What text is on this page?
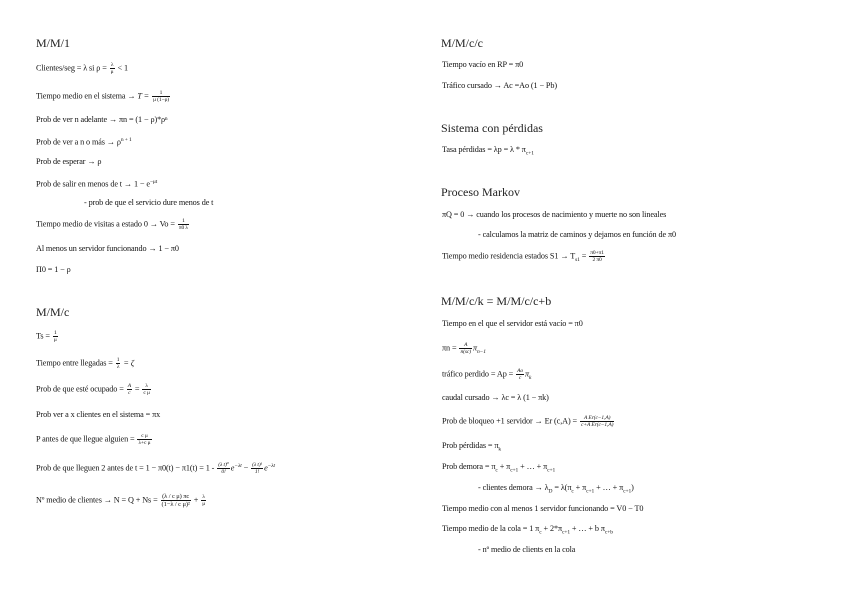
M/M/1
Clientes/seg = λ si $\rho = \frac{\lambda}{\mu} < 1$
Tiempo medio en el sistema → $T = \frac{1}{\mu (1-\rho)}$
Prob de ver n adelante → πn = (1 − ρ)*ρⁿ
Prob de ver a n o más → $\rho^{n + 1}$
Prob de esperar → ρ
Prob de salir en menos de $t \to 1 - e^{-\mu t}$
- prob de que el servicio dure menos de t
Tiempo medio de visitas a estado $0 \to Vo = \frac{1}{\pi 0 \lambda}$
Al menos un servidor funcionando → 1 − π0
Π0 = 1 − ρ
M/M/c
$Ts = \frac{1}{\mu}$
Tiempo entre llegadas = $\frac{1}{\lambda} = \zeta$
Prob de que esté ocupado = $\frac{A}{c} = \frac{\lambda}{\text{c μ}}$
Prob ver a x clientes en el sistema = πx
P antes de que llegue alguien = $\frac{\text{c μ}}{\text{λ+c μ}}$
Prob de que lleguen 2 antes de $t = 1 - \pi 0(t) - \pi 1(t) = 1 - \frac{\text{(λ t)⁰}}{0!} e^{-\lambda t} - \frac{\text{(λ t)¹}}{1!} e^{-\lambda t}$
Nº medio de clientes → $N = Q + Ns = \frac{\text{(λ / c μ) πc}}{\text{(1−λ / c μ)²}} + \frac{\lambda}{\mu}$
M/M/c/c
Tiempo vacío en RP = π0
Tráfico cursado → Ac =Ao (1 − Pb)
Sistema con pérdidas
Tasa pérdidas = $\lambda p = \lambda * \pi_{c+1}$
Proceso Markov
πQ = 0 → cuando los procesos de nacimiento y muerte no son lineales
- calculamos la matriz de caminos y dejamos en función de π0
Tiempo medio residencia estados $S1 \to T_{s1} = \frac{\pi 0+\pi 1}{2 \pi 0}$
M/M/c/k = M/M/c/c+b
Tiempo en el que el servidor está vacío = π0
$\pi n = \frac{A}{n(sc)} \pi_{n-1}$
tráfico perdido = $Ap = \frac{Ao}{c} \pi_k$
caudal cursado → λc = λ (1 − πk)
Prob de bloqueo +1 servidor → Er $(c,A) = \frac{\text{A Er(c−1,A)}}{\text{c+A Er(c−1,A)}}$
Prob pérdidas = $\pi_k$
Prob demora = $\pi_c + \pi_{c+1}$ + … + $\pi_{c+1}$
- clientes demora → $\lambda_D = \lambda(\pi_c + \pi_{c+1}$ + … + $\pi_{c+1}$)
Tiempo medio con al menos 1 servidor funcionando = V0 − T0
Tiempo medio de la cola = 1 $\pi_c + 2*\pi_{c+1}$ + … + b $\pi_{c+b}$
- nº medio de clients en la cola
